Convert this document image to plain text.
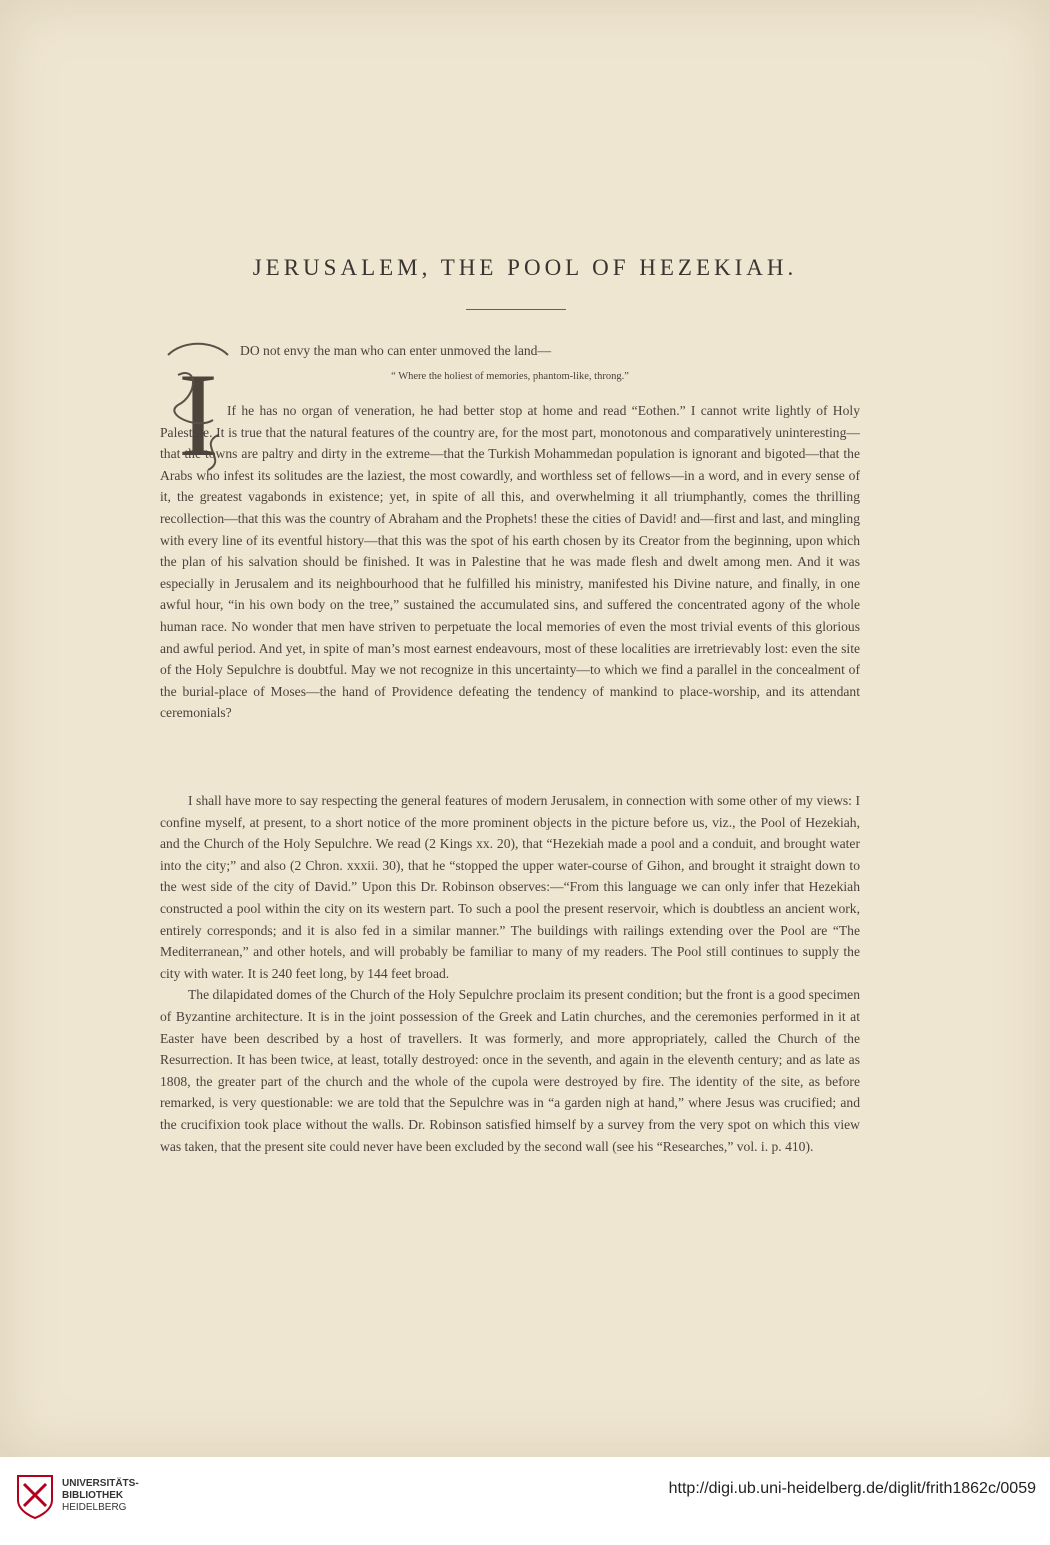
JERUSALEM, THE POOL OF HEZEKIAH.
I DO not envy the man who can enter unmoved the land—

“ Where the holiest of memories, phantom-like, throng.”

If he has no organ of veneration, he had better stop at home and read “Eothen.” I cannot write lightly of Holy Palestine. It is true that the natural features of the country are, for the most part, monotonous and comparatively uninteresting—that the towns are paltry and dirty in the extreme—that the Turkish Mohammedan population is ignorant and bigoted—that the Arabs who infest its solitudes are the laziest, the most cowardly, and worthless set of fellows—in a word, and in every sense of it, the greatest vagabonds in existence; yet, in spite of all this, and overwhelming it all triumphantly, comes the thrilling recollection—that this was the country of Abraham and the Prophets! these the cities of David! and—first and last, and mingling with every line of its eventful history—that this was the spot of his earth chosen by its Creator from the beginning, upon which the plan of his salvation should be finished. It was in Palestine that he was made flesh and dwelt among men. And it was especially in Jerusalem and its neighbourhood that he fulfilled his ministry, manifested his Divine nature, and finally, in one awful hour, “in his own body on the tree,” sustained the accumulated sins, and suffered the concentrated agony of the whole human race. No wonder that men have striven to perpetuate the local memories of even the most trivial events of this glorious and awful period. And yet, in spite of man’s most earnest endeavours, most of these localities are irretrievably lost: even the site of the Holy Sepulchre is doubtful. May we not recognize in this uncertainty—to which we find a parallel in the concealment of the burial-place of Moses—the hand of Providence defeating the tendency of mankind to place-worship, and its attendant ceremonials?

I shall have more to say respecting the general features of modern Jerusalem, in connection with some other of my views: I confine myself, at present, to a short notice of the more prominent objects in the picture before us, viz., the Pool of Hezekiah, and the Church of the Holy Sepulchre. We read (2 Kings xx. 20), that “Hezekiah made a pool and a conduit, and brought water into the city;” and also (2 Chron. xxxii. 30), that he “stopped the upper water-course of Gihon, and brought it straight down to the west side of the city of David.” Upon this Dr. Robinson observes:—“From this language we can only infer that Hezekiah constructed a pool within the city on its western part. To such a pool the present reservoir, which is doubtless an ancient work, entirely corresponds; and it is also fed in a similar manner.” The buildings with railings extending over the Pool are “The Mediterranean,” and other hotels, and will probably be familiar to many of my readers. The Pool still continues to supply the city with water. It is 240 feet long, by 144 feet broad.

The dilapidated domes of the Church of the Holy Sepulchre proclaim its present condition; but the front is a good specimen of Byzantine architecture. It is in the joint possession of the Greek and Latin churches, and the ceremonies performed in it at Easter have been described by a host of travellers. It was formerly, and more appropriately, called the Church of the Resurrection. It has been twice, at least, totally destroyed: once in the seventh, and again in the eleventh century; and as late as 1808, the greater part of the church and the whole of the cupola were destroyed by fire. The identity of the site, as before remarked, is very questionable: we are told that the Sepulchre was in “a garden nigh at hand,” where Jesus was crucified; and the crucifixion took place without the walls. Dr. Robinson satisfied himself by a survey from the very spot on which this view was taken, that the present site could never have been excluded by the second wall (see his “Researches,” vol. i. p. 410).

UNIVERSITÄTS-
BIBLIOTHEK
HEIDELBERG
http://digi.ub.uni-heidelberg.de/diglit/frith1862c/0059
